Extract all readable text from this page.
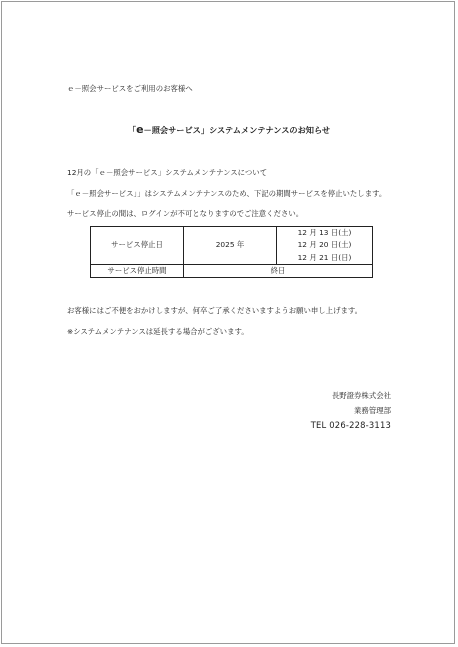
ｅ－照会サービスをご利用のお客様へ
「e－照会サービス」システムメンテナンスのお知らせ
12月の「ｅ－照会サービス」システムメンテナンスについて
「ｅ－照会サービス」」はシステムメンテナンスのため、下記の期間サービスを停止いたします。
サービス停止の間は、ログインが不可となりますのでご注意ください。
サービス停止日	2025 年	12 月 13 日(土)
12 月 20 日(土)
12 月 21 日(日)

サービス停止時間	終日	
お客様にはご不便をおかけしますが、何卒ご了承くださいますようお願い申し上げます。
※システムメンテナンスは延長する場合がございます。
長野證券株式会社
業務管理部
TEL 026-228-3113
